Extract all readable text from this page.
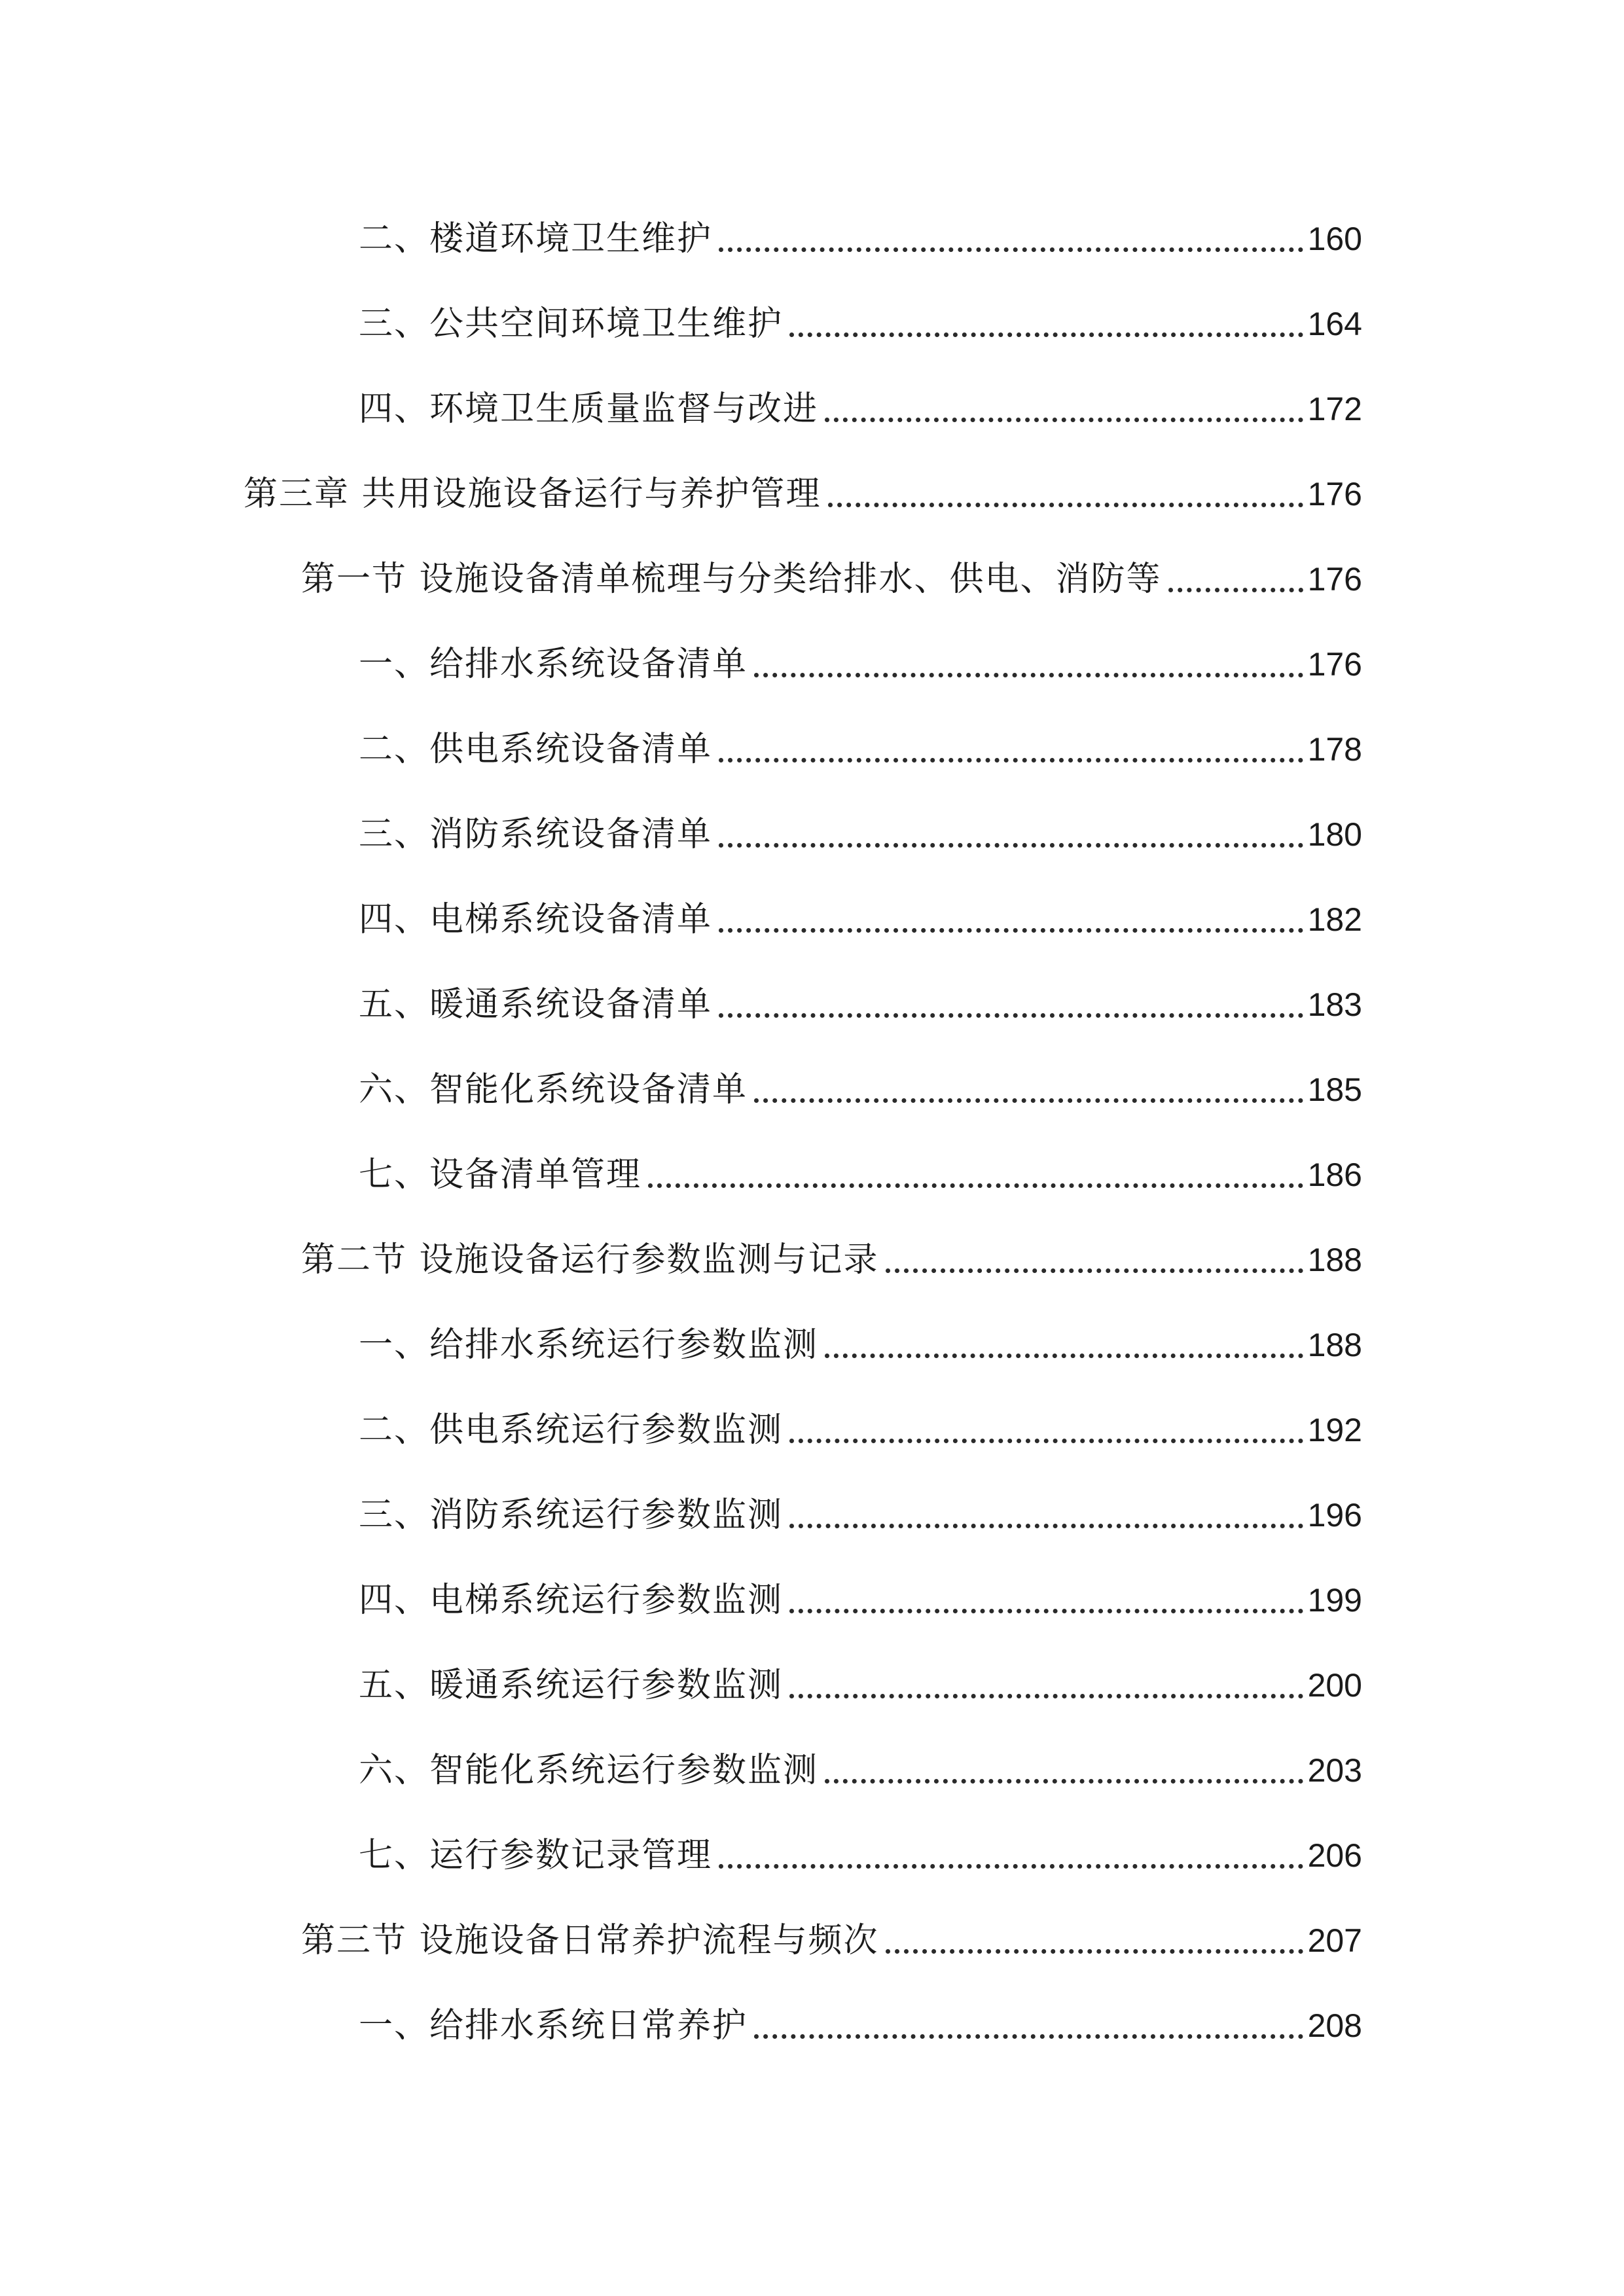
二、楼道环境卫生维护	160
三、公共空间环境卫生维护	164
四、环境卫生质量监督与改进	172
第三章 共用设施设备运行与养护管理	176
第一节 设施设备清单梳理与分类给排水、供电、消防等	176
一、给排水系统设备清单	176
二、供电系统设备清单	178
三、消防系统设备清单	180
四、电梯系统设备清单	182
五、暖通系统设备清单	183
六、智能化系统设备清单	185
七、设备清单管理	186
第二节 设施设备运行参数监测与记录	188
一、给排水系统运行参数监测	188
二、供电系统运行参数监测	192
三、消防系统运行参数监测	196
四、电梯系统运行参数监测	199
五、暖通系统运行参数监测	200
六、智能化系统运行参数监测	203
七、运行参数记录管理	206
第三节 设施设备日常养护流程与频次	207
一、给排水系统日常养护	208
